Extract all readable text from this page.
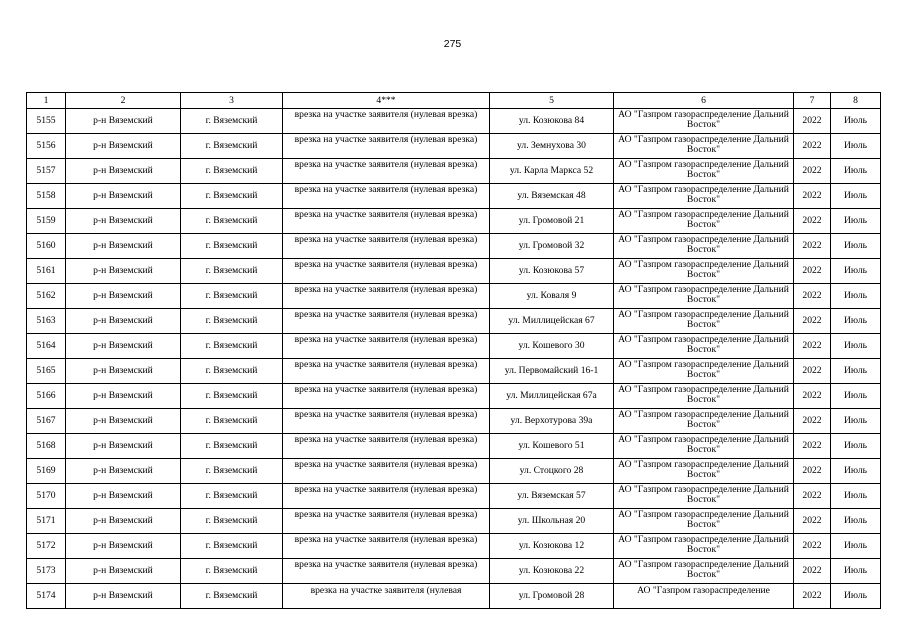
275
1	2	3	4***	5	6	7	8
5155	р-н Вяземский	г. Вяземский	врезка на участке заявителя (нулевая врезка)	ул. Козюкова 84	АО "Газпром газораспределение Дальний Восток"	2022	Июль
5156	р-н Вяземский	г. Вяземский	врезка на участке заявителя (нулевая врезка)	ул. Земнухова 30	АО "Газпром газораспределение Дальний Восток"	2022	Июль
5157	р-н Вяземский	г. Вяземский	врезка на участке заявителя (нулевая врезка)	ул. Карла Маркса 52	АО "Газпром газораспределение Дальний Восток"	2022	Июль
5158	р-н Вяземский	г. Вяземский	врезка на участке заявителя (нулевая врезка)	ул. Вяземская 48	АО "Газпром газораспределение Дальний Восток"	2022	Июль
5159	р-н Вяземский	г. Вяземский	врезка на участке заявителя (нулевая врезка)	ул. Громовой 21	АО "Газпром газораспределение Дальний Восток"	2022	Июль
5160	р-н Вяземский	г. Вяземский	врезка на участке заявителя (нулевая врезка)	ул. Громовой 32	АО "Газпром газораспределение Дальний Восток"	2022	Июль
5161	р-н Вяземский	г. Вяземский	врезка на участке заявителя (нулевая врезка)	ул. Козюкова 57	АО "Газпром газораспределение Дальний Восток"	2022	Июль
5162	р-н Вяземский	г. Вяземский	врезка на участке заявителя (нулевая врезка)	ул. Коваля 9	АО "Газпром газораспределение Дальний Восток"	2022	Июль
5163	р-н Вяземский	г. Вяземский	врезка на участке заявителя (нулевая врезка)	ул. Миллицейская 67	АО "Газпром газораспределение Дальний Восток"	2022	Июль
5164	р-н Вяземский	г. Вяземский	врезка на участке заявителя (нулевая врезка)	ул. Кошевого 30	АО "Газпром газораспределение Дальний Восток"	2022	Июль
5165	р-н Вяземский	г. Вяземский	врезка на участке заявителя (нулевая врезка)	ул. Первомайский 16-1	АО "Газпром газораспределение Дальний Восток"	2022	Июль
5166	р-н Вяземский	г. Вяземский	врезка на участке заявителя (нулевая врезка)	ул. Миллицейская 67а	АО "Газпром газораспределение Дальний Восток"	2022	Июль
5167	р-н Вяземский	г. Вяземский	врезка на участке заявителя (нулевая врезка)	ул. Верхотурова 39а	АО "Газпром газораспределение Дальний Восток"	2022	Июль
5168	р-н Вяземский	г. Вяземский	врезка на участке заявителя (нулевая врезка)	ул. Кошевого 51	АО "Газпром газораспределение Дальний Восток"	2022	Июль
5169	р-н Вяземский	г. Вяземский	врезка на участке заявителя (нулевая врезка)	ул. Стоцкого 28	АО "Газпром газораспределение Дальний Восток"	2022	Июль
5170	р-н Вяземский	г. Вяземский	врезка на участке заявителя (нулевая врезка)	ул. Вяземская 57	АО "Газпром газораспределение Дальний Восток"	2022	Июль
5171	р-н Вяземский	г. Вяземский	врезка на участке заявителя (нулевая врезка)	ул. Школьная 20	АО "Газпром газораспределение Дальний Восток"	2022	Июль
5172	р-н Вяземский	г. Вяземский	врезка на участке заявителя (нулевая врезка)	ул. Козюкова 12	АО "Газпром газораспределение Дальний Восток"	2022	Июль
5173	р-н Вяземский	г. Вяземский	врезка на участке заявителя (нулевая врезка)	ул. Козюкова 22	АО "Газпром газораспределение Дальний Восток"	2022	Июль
5174	р-н Вяземский	г. Вяземский	врезка на участке заявителя (нулевая	ул. Громовой 28	АО "Газпром газораспределение	2022	Июль
